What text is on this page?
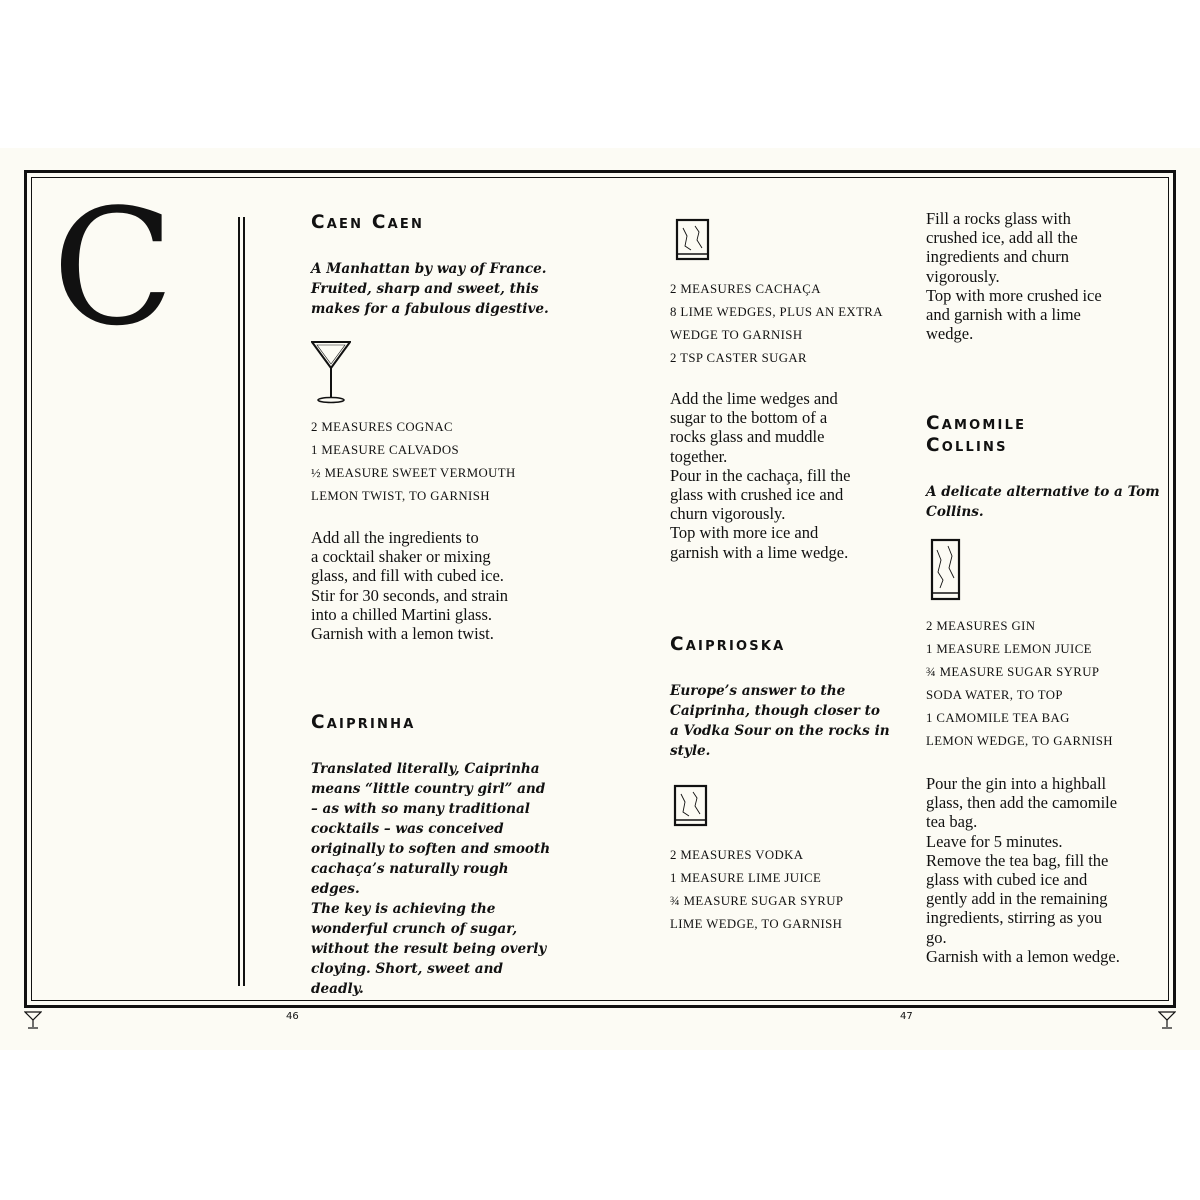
C	Caen Caen

A Manhattan by way of France. Fruited, sharp and sweet, this makes for a fabulous digestive.

2 MEASURES COGNAC
1 MEASURE CALVADOS
½ MEASURE SWEET VERMOUTH
LEMON TWIST, TO GARNISH
Add all the ingredients to
a cocktail shaker or mixing
glass, and fill with cubed ice.
Stir for 30 seconds, and strain
into a chilled Martini glass.
Garnish with a lemon twist.
Caiprinha
Translated literally, Caiprinha
means “little country girl” and
– as with so many traditional
cocktails – was conceived
originally to soften and smooth
cachaça’s naturally rough edges.
The key is achieving the
wonderful crunch of sugar,
without the result being overly
cloying. Short, sweet and deadly.
2 MEASURES CACHAÇA
8 LIME WEDGES, PLUS AN EXTRA
WEDGE TO GARNISH
2 TSP CASTER SUGAR
Add the lime wedges and
sugar to the bottom of a
rocks glass and muddle
together.
Pour in the cachaça, fill the
glass with crushed ice and
churn vigorously.
Top with more ice and
garnish with a lime wedge.
Caiprioska
Europe’s answer to the
Caiprinha, though closer to
a Vodka Sour on the rocks in
style.
2 MEASURES VODKA
1 MEASURE LIME JUICE
¾ MEASURE SUGAR SYRUP
LIME WEDGE, TO GARNISH
Fill a rocks glass with
crushed ice, add all the
ingredients and churn
vigorously.
Top with more crushed ice
and garnish with a lime
wedge.
Camomile
Collins
A delicate alternative to a Tom
Collins.
2 MEASURES GIN
1 MEASURE LEMON JUICE
¾ MEASURE SUGAR SYRUP
SODA WATER, TO TOP
1 CAMOMILE TEA BAG
LEMON WEDGE, TO GARNISH
Pour the gin into a highball
glass, then add the camomile
tea bag.
Leave for 5 minutes.
Remove the tea bag, fill the
glass with cubed ice and
gently add in the remaining
ingredients, stirring as you
go.
Garnish with a lemon wedge.
46	47
